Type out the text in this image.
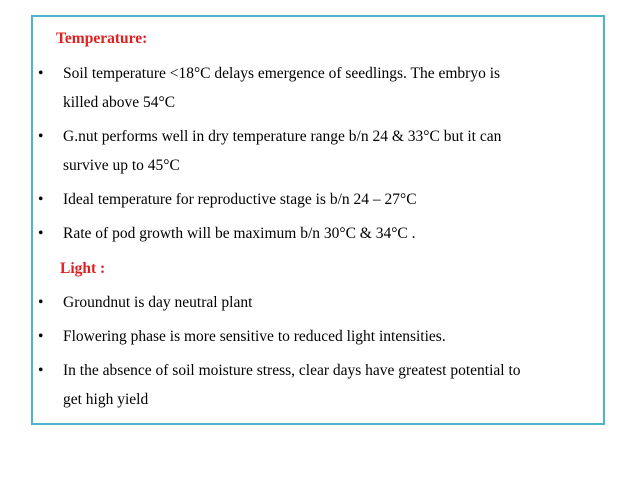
Temperature:
• Soil temperature <18°C delays emergence of seedlings. The embryo is
killed above 54°C
• G.nut performs well in dry temperature range b/n 24 & 33°C but it can
survive up to 45°C
• Ideal temperature for reproductive stage is b/n 24 – 27°C
• Rate of pod growth will be maximum b/n 30°C & 34°C .
Light :
• Groundnut is day neutral plant
• Flowering phase is more sensitive to reduced light intensities.
• In the absence of soil moisture stress, clear days have greatest potential to
get high yield
